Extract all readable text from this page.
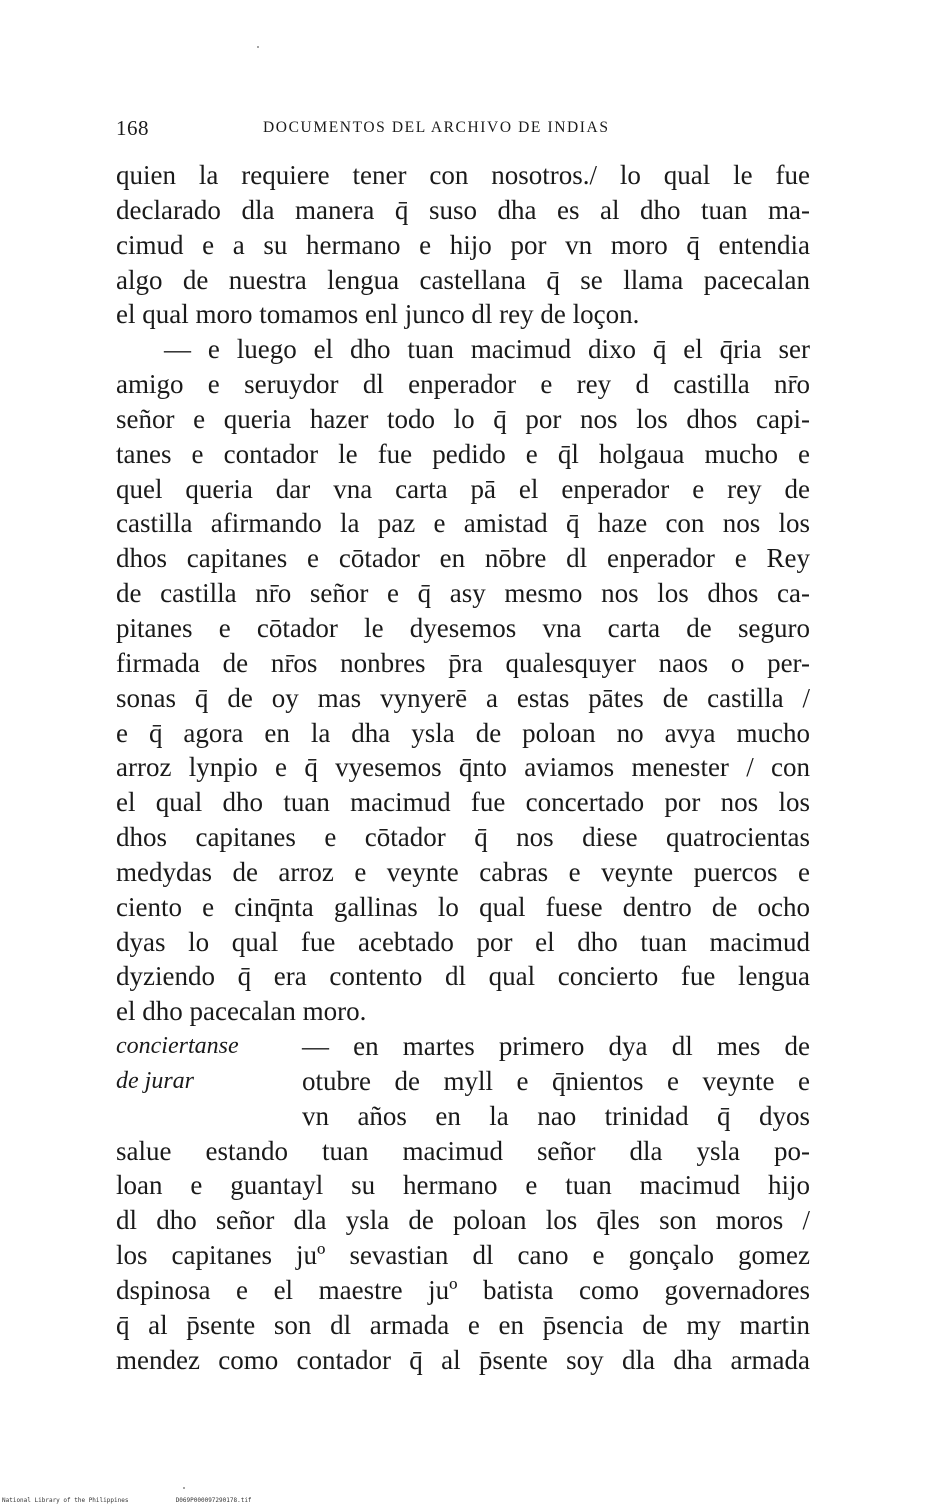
168	DOCUMENTOS DEL ARCHIVO DE INDIAS
quien la requiere tener con nosotros./ lo qual le fue
declarado dla manera q̄ suso dha es al dho tuan ma-
cimud e a su hermano e hijo por vn moro q̄ entendia
algo de nuestra lengua castellana q̄ se llama pacecalan
el qual moro tomamos enl junco dl rey de loçon.
— e luego el dho tuan macimud dixo q̄ el q̄ria ser
amigo e seruydor dl enperador e rey d castilla nr̄o
señor e queria hazer todo lo q̄ por nos los dhos capi-
tanes e contador le fue pedido e q̄l holgaua mucho e
quel queria dar vna carta pā el enperador e rey de
castilla afirmando la paz e amistad q̄ haze con nos los
dhos capitanes e cōtador en nōbre dl enperador e Rey
de castilla nr̄o señor e q̄ asy mesmo nos los dhos ca-
pitanes e cōtador le dyesemos vna carta de seguro
firmada de nr̄os nonbres p̄ra qualesquyer naos o per-
sonas q̄ de oy mas vynyerē a estas pātes de castilla /
e q̄ agora en la dha ysla de poloan no avya mucho
arroz lynpio e q̄ vyesemos q̄nto aviamos menester / con
el qual dho tuan macimud fue concertado por nos los
dhos capitanes e cōtador q̄ nos diese quatrocientas
medydas de arroz e veynte cabras e veynte puercos e
ciento e cinq̄nta gallinas lo qual fuese dentro de ocho
dyas lo qual fue acebtado por el dho tuan macimud
dyziendo q̄ era contento dl qual concierto fue lengua
el dho pacecalan moro.
conciertanse
de jurar
— en martes primero dya dl mes de
otubre de myll e q̄nientos e veynte e
vn años en la nao trinidad q̄ dyos
salue estando tuan macimud señor dla ysla po-
loan e guantayl su hermano e tuan macimud hijo
dl dho señor dla ysla de poloan los q̄les son moros /
los capitanes juº sevastian dl cano e gonçalo gomez
dspinosa e el maestre juº batista como governadores
q̄ al p̄sente son dl armada e en p̄sencia de my martin
mendez como contador q̄ al p̄sente soy dla dha armada
National Library of the Philippines	D069P000097290178.tif
